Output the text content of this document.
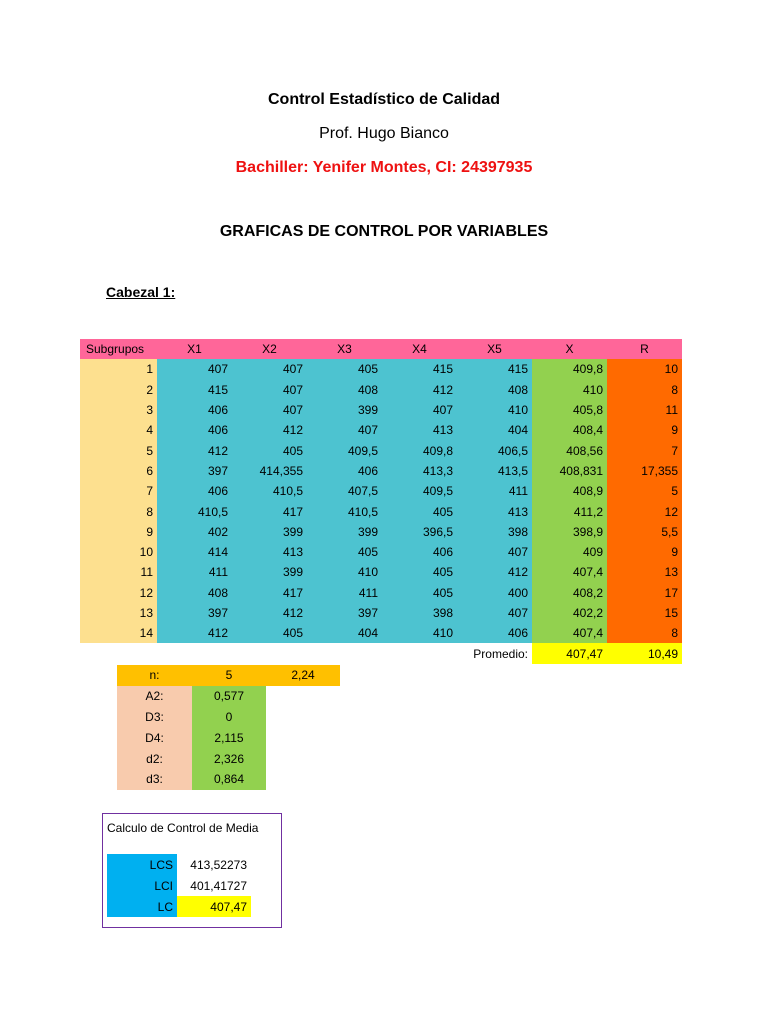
Control Estadístico de Calidad
Prof. Hugo Bianco
Bachiller: Yenifer Montes, CI: 24397935
GRAFICAS DE CONTROL POR VARIABLES
Cabezal 1:
Subgrupos	X1	X2	X3	X4	X5	X	R
1	407	407	405	415	415	409,8	10
2	415	407	408	412	408	410	8
3	406	407	399	407	410	405,8	11
4	406	412	407	413	404	408,4	9
5	412	405	409,5	409,8	406,5	408,56	7
6	397	414,355	406	413,3	413,5	408,831	17,355
7	406	410,5	407,5	409,5	411	408,9	5
8	410,5	417	410,5	405	413	411,2	12
9	402	399	399	396,5	398	398,9	5,5
10	414	413	405	406	407	409	9
11	411	399	410	405	412	407,4	13
12	408	417	411	405	400	408,2	17
13	397	412	397	398	407	402,2	15
14	412	405	404	410	406	407,4	8
					Promedio:	407,47	10,49
n:	5	2,24
A2:	0,577	
D3:	0	
D4:	2,115	
d2:	2,326	
d3:	0,864	
Calculo de Control de Media
LCS	413,52273
LCI	401,41727
LC	407,47
